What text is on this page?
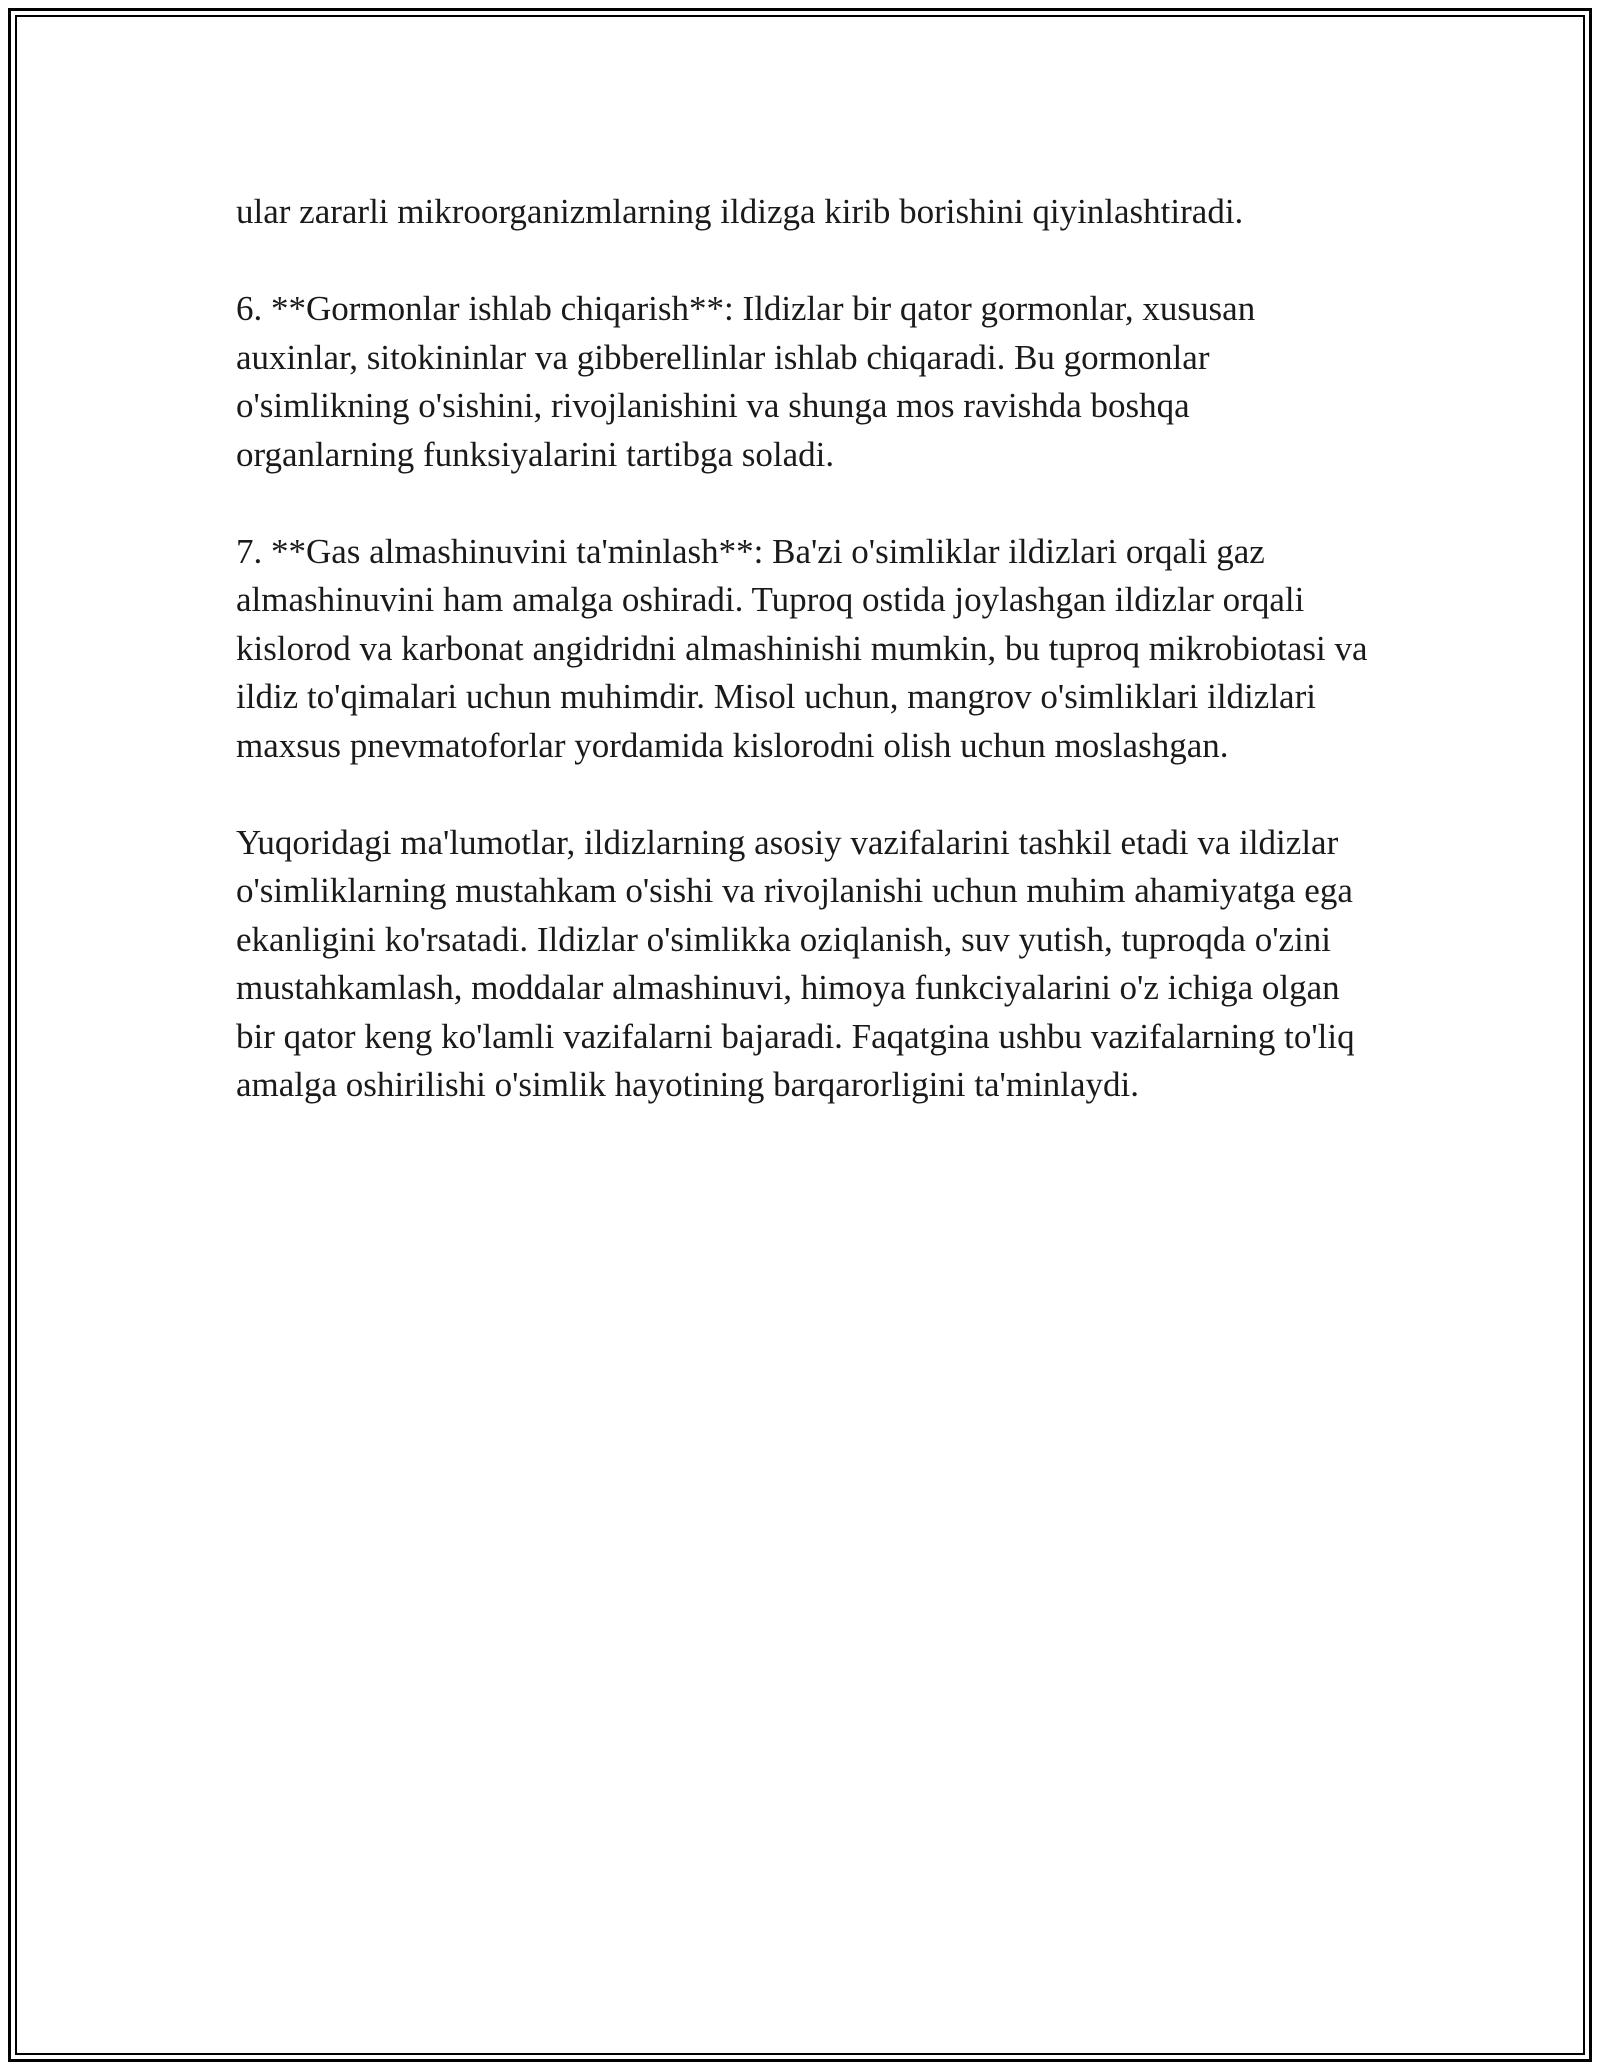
ular zararli mikroorganizmlarning ildizga kirib borishini qiyinlashtiradi.

6. **Gormonlar ishlab chiqarish**: Ildizlar bir qator gormonlar, xususan auxinlar, sitokininlar va gibberellinlar ishlab chiqaradi. Bu gormonlar o'simlikning o'sishini, rivojlanishini va shunga mos ravishda boshqa organlarning funksiyalarini tartibga soladi.

7. **Gas almashinuvini ta'minlash**: Ba'zi o'simliklar ildizlari orqali gaz almashinuvini ham amalga oshiradi. Tuproq ostida joylashgan ildizlar orqali kislorod va karbonat angidridni almashinishi mumkin, bu tuproq mikrobiotasi va ildiz to'qimalari uchun muhimdir. Misol uchun, mangrov o'simliklari ildizlari maxsus pnevmatoforlar yordamida kislorodni olish uchun moslashgan.

Yuqoridagi ma'lumotlar, ildizlarning asosiy vazifalarini tashkil etadi va ildizlar o'simliklarning mustahkam o'sishi va rivojlanishi uchun muhim ahamiyatga ega ekanligini ko'rsatadi. Ildizlar o'simlikka oziqlanish, suv yutish, tuproqda o'zini mustahkamlash, moddalar almashinuvi, himoya funkciyalarini o'z ichiga olgan bir qator keng ko'lamli vazifalarni bajaradi. Faqatgina ushbu vazifalarning to'liq amalga oshirilishi o'simlik hayotining barqarorligini ta'minlaydi.
